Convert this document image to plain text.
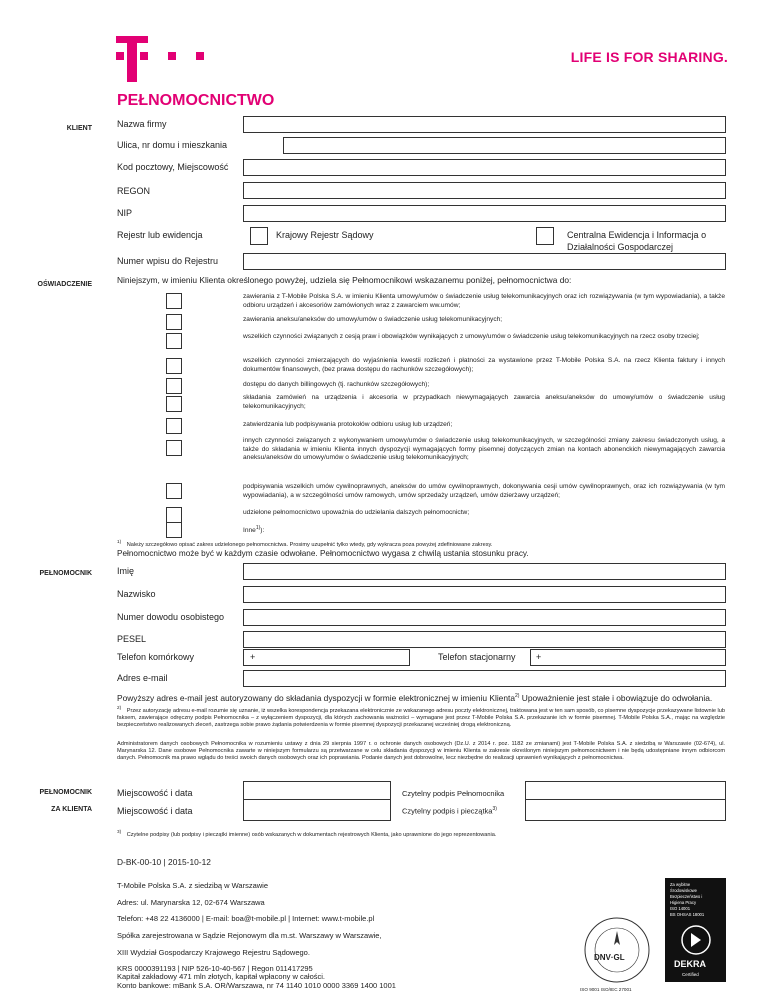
LIFE IS FOR SHARING.
PEŁNOMOCNICTWO
KLIENT	Nazwa firmy
Ulica, nr domu i mieszkania
Kod pocztowy, Miejscowość
REGON
NIP
Rejestr lub ewidencja	Krajowy Rejestr Sądowy	Centralna Ewidencja i Informacja o
Działalności Gospodarczej
Numer wpisu do Rejestru
OŚWIADCZENIE	Niniejszym, w imieniu Klienta określonego powyżej, udziela się Pełnomocnikowi wskazanemu poniżej, pełnomocnictwa do:
zawierania z T-Mobile Polska S.A. w imieniu Klienta umowy/umów o świadczenie usług telekomunikacyjnych oraz ich rozwiązywania (w tym wypowiadania), a także odbioru urządzeń i akcesoriów zamówionych wraz z zawarciem ww.umów;
zawierania aneksu/aneksów do umowy/umów o świadczenie usług telekomunikacyjnych;
wszelkich czynności związanych z cesją praw i obowiązków wynikających z umowy/umów o świadczenie usług telekomunikacyjnych na rzecz osoby trzeciej;
wszelkich czynności zmierzających do wyjaśnienia kwestii rozliczeń i płatności za wystawione przez T-Mobile Polska S.A. na rzecz Klienta faktury i innych dokumentów finansowych, (bez prawa dostępu do rachunków szczegółowych);
dostępu do danych billingowych (tj. rachunków szczegółowych);
składania zamówień na urządzenia i akcesoria w przypadkach niewymagających zawarcia aneksu/aneksów do umowy/umów o świadczenie usług telekomunikacyjnych;
zatwierdzania lub podpisywania protokołów odbioru usług lub urządzeń;
innych czynności związanych z wykonywaniem umowy/umów o świadczenie usług telekomunikacyjnych, w szczególności zmiany zakresu świadczonych usług, a także do składania w imieniu Klienta innych dyspozycji wymagających formy pisemnej dotyczących zmian na kontach abonenckich niewymagających zawarcia aneksu/aneksów do umowy/umów o świadczenie usług telekomunikacyjnych;
podpisywania wszelkich umów cywilnoprawnych, aneksów do umów cywilnoprawnych, dokonywania cesji umów cywilnoprawnych, oraz ich rozwiązywania (w tym wypowiadania), a w szczególności umów ramowych, umów sprzedaży urządzeń, umów dzierżawy urządzeń;
udzielone pełnomocnictwo upoważnia do udzielania dalszych pełnomocnictw;
Inne$^{1)}$):
$^{1)}$ Należy szczegółowo opisać zakres udzielonego pełnomocnictwa. Prosimy uzupełnić tylko wtedy, gdy wykracza poza powyżej zdefiniowane zakresy.
Pełnomocnictwo może być w każdym czasie odwołane. Pełnomocnictwo wygasa z chwilą ustania stosunku pracy.
PEŁNOMOCNIK	Imię
Nazwisko
Numer dowodu osobistego
PESEL
Telefon komórkowy	+	Telefon stacjonarny +
Adres e-mail
Powyższy adres e-mail jest autoryzowany do składania dyspozycji w formie elektronicznej w imieniu Klienta$^{2)}$ Upoważnienie jest stałe i obowiązuje do odwołania.
$^{2)}$ Przez autoryzację adresu e-mail rozumie się uznanie, iż wszelka korespondencja przekazana elektronicznie ze wskazanego adresu poczty elektronicznej, traktowana jest w ten sam sposób, co pisemne dyspozycje przekazywane listownie lub faksem, zawierające odręczny podpis Pełnomocnika – z wyłączeniem dyspozycji, dla których zachowania ważności – wymagane jest przez T-Mobile Polska S.A. przekazanie ich w formie pisemnej. T-Mobile Polska S.A., mając na względzie bezpieczeństwo realizowanych zleceń, zastrzega sobie prawo żądania potwierdzenia w formie pisemnej dyspozycji przekazanej wcześniej drogą elektroniczną.
Administratorem danych osobowych Pełnomocnika w rozumieniu ustawy z dnia 29 sierpnia 1997 r. o ochronie danych osobowych (Dz.U. z 2014 r. poz. 1182 ze zmianami) jest T-Mobile Polska S.A. z siedzibą w Warszawie (02-674), ul. Marynarska 12. Dane osobowe Pełnomocnika zawarte w niniejszym formularzu są przetwarzane w celu składania dyspozycji w imieniu Klienta w zakresie określonym niniejszym pełnomocnictwem i nie będą udostępniane innym odbiorcom danych. Pełnomocnik ma prawo wglądu do treści swoich danych osobowych oraz ich poprawiania. Podanie danych jest dobrowolne, lecz niezbędne do realizacji uprawnień wynikających z pełnomocnictwa.
PEŁNOMOCNIK	Miejscowość i data	Czytelny podpis Pełnomocnika
ZA KLIENTA	Miejscowość i data	Czytelny podpis i pieczątka$^{3)}$
$^{3)}$ Czytelne podpisy (lub podpisy i pieczątki imienne) osób wskazanych w dokumentach rejestrowych Klienta, jako uprawnione do jego reprezentowania.
D-BK-00-10 | 2015-10-12
T-Mobile Polska S.A. z siedzibą w Warszawie
Adres: ul. Marynarska 12, 02-674 Warszawa
Telefon: +48 22 4136000 | E-mail: boa@t-mobile.pl | Internet: www.t-mobile.pl
Spółka zarejestrowana w Sądzie Rejonowym dla m.st. Warszawy w Warszawie,
XIII Wydział Gospodarczy Krajowego Rejestru Sądowego.
KRS 0000391193 | NIP 526-10-40-567 | Regon 011417295
Kapitał zakładowy 471 mln złotych, kapitał wpłacony w całości.
Konto bankowe: mBank S.A. OR/Warszawa, nr 74 1140 1010 0000 3369 1400 1001
DNV·GL
ISO 9001 ISO/IEC 27001
Za wybitne
Środowiskowe
Bezpieczeństwo i
Higiena Pracy
ISO 14001
BS OHSAS 18001
DEKRA
Certified
